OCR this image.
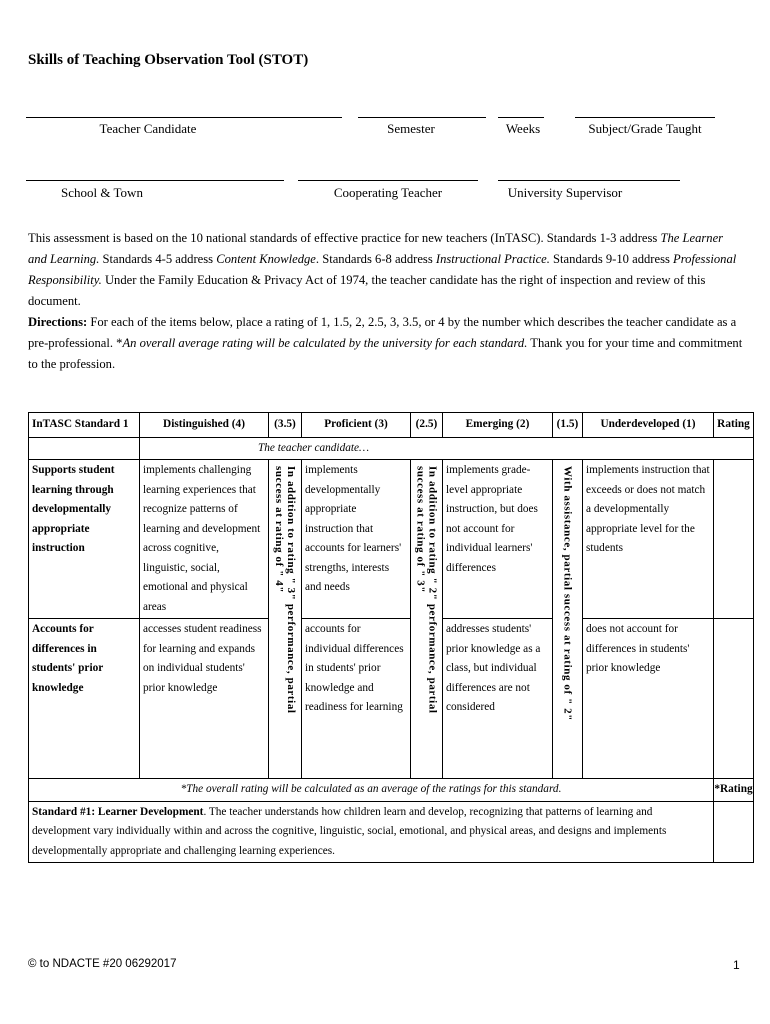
Skills of Teaching Observation Tool (STOT)
Teacher Candidate	Semester	Weeks	Subject/Grade Taught
School & Town	Cooperating Teacher	University Supervisor
This assessment is based on the 10 national standards of effective practice for new teachers (InTASC). Standards 1-3 address The Learner and Learning. Standards 4-5 address Content Knowledge. Standards 6-8 address Instructional Practice. Standards 9-10 address Professional Responsibility. Under the Family Education & Privacy Act of 1974, the teacher candidate has the right of inspection and review of this document.
Directions: For each of the items below, place a rating of 1, 1.5, 2, 2.5, 3, 3.5, or 4 by the number which describes the teacher candidate as a pre-professional. *An overall average rating will be calculated by the university for each standard. Thank you for your time and commitment to the profession.
InTASC Standard 1	Distinguished (4)	(3.5)	Proficient (3)	(2.5)	Emerging (2)	(1.5)	Underdeveloped (1)	Rating
	The teacher candidate…							
Supports student learning through developmentally appropriate instruction	implements challenging learning experiences that recognize patterns of learning and development across cognitive, linguistic, social, emotional and physical areas	In addition to rating " 3" performance, partial success at rating of " 4"	implements developmentally appropriate instruction that accounts for learners' strengths, interests and needs	In addition to rating " 2" performance, partial success at rating of " 3"	implements grade-level appropriate instruction, but does not account for individual learners' differences	With assistance, partial success at rating of " 2"	implements instruction that exceeds or does not match a developmentally appropriate level for the students	
Accounts for differences in students' prior knowledge	accesses student readiness for learning and expands on individual students' prior knowledge		accounts for individual differences in students' prior knowledge and readiness for learning		addresses students' prior knowledge as a class, but individual differences are not considered		does not account for differences in students' prior knowledge	
*The overall rating will be calculated as an average of the ratings for this standard.								*Rating
Standard #1: Learner Development. The teacher understands how children learn and develop, recognizing that patterns of learning and development vary individually within and across the cognitive, linguistic, social, emotional, and physical areas, and designs and implements developmentally appropriate and challenging learning experiences.								
© to NDACTE #20 06292017	1
